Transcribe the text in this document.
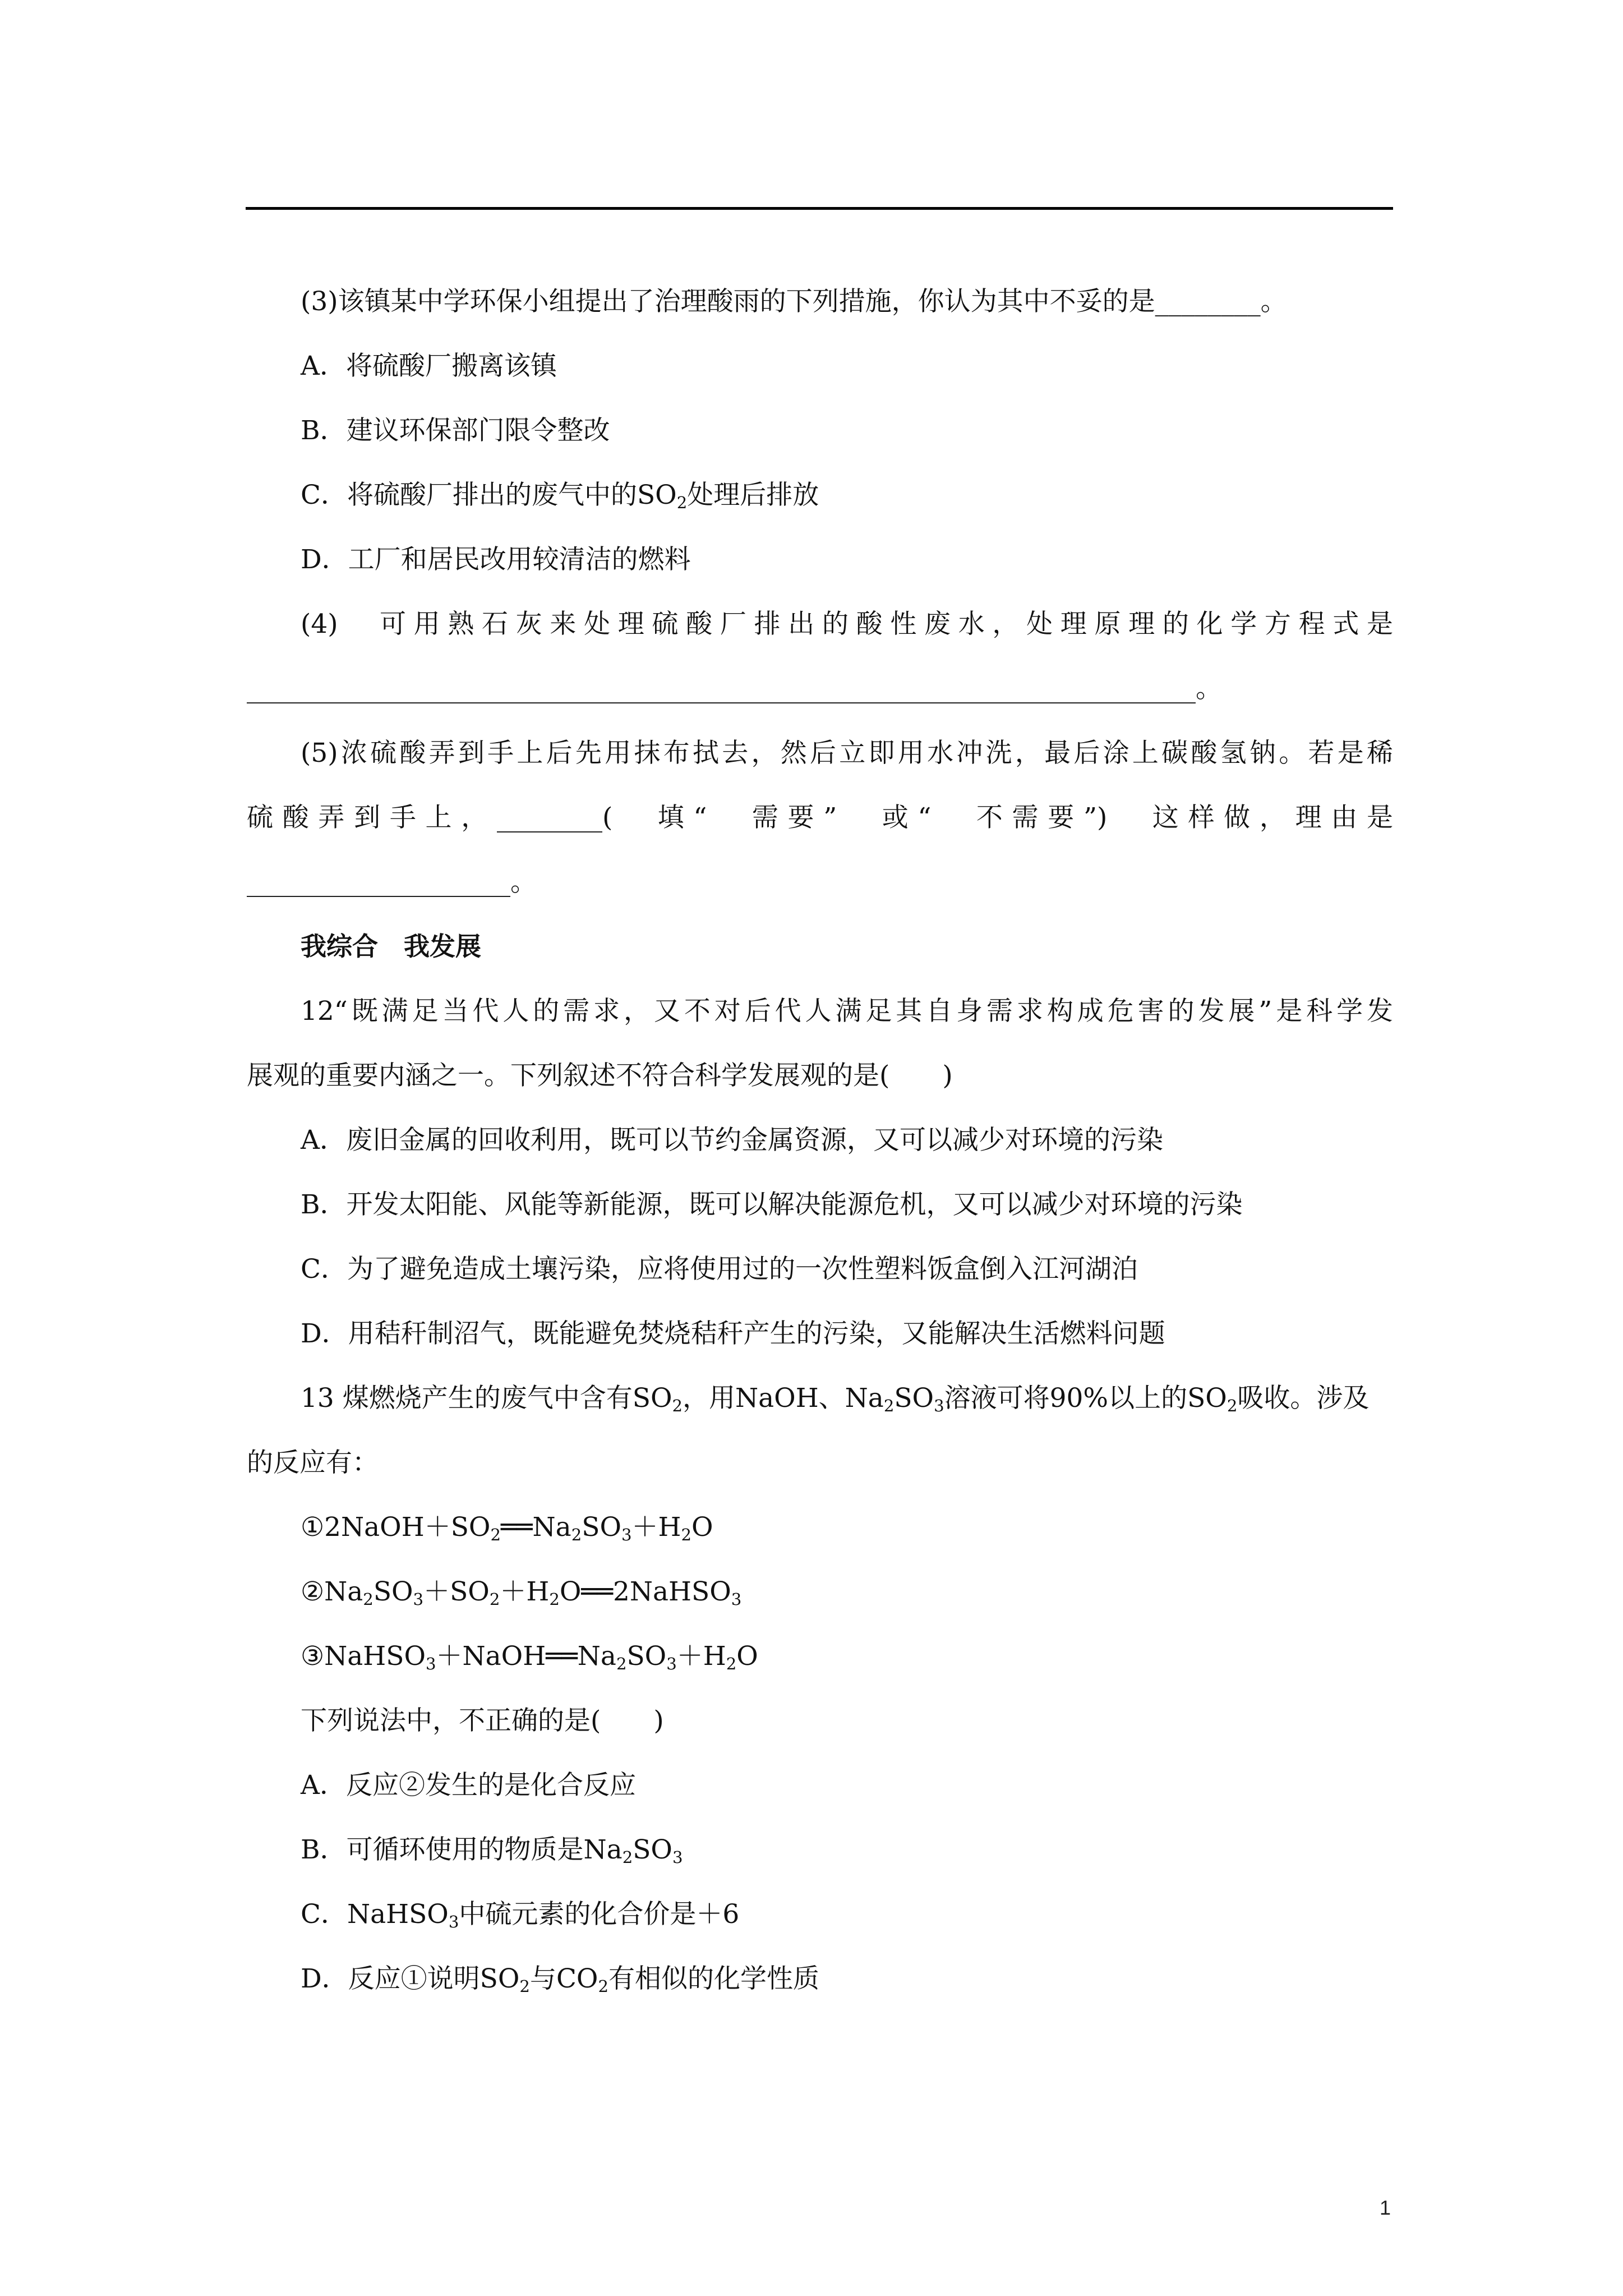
(3)该镇某中学环保小组提出了治理酸雨的下列措施，你认为其中不妥的是________。
A．将硫酸厂搬离该镇
B．建议环保部门限令整改
C．将硫酸厂排出的废气中的$SO_2$处理后排放
D．工厂和居民改用较清洁的燃料
(4)　可用熟石灰来处理硫酸厂排出的酸性废水，处理原理的化学方程式是
________________________________________________________________________。
(5)浓硫酸弄到手上后先用抹布拭去，然后立即用水冲洗，最后涂上碳酸氢钠。若是稀
硫酸弄到手上，________(　填“　需要”　或“　不需要”)　这样做，理由是
____________________。
我综合　我发展
12“既满足当代人的需求，又不对后代人满足其自身需求构成危害的发展”是科学发
展观的重要内涵之一。下列叙述不符合科学发展观的是(　　)
A．废旧金属的回收利用，既可以节约金属资源，又可以减少对环境的污染
B．开发太阳能、风能等新能源，既可以解决能源危机，又可以减少对环境的污染
C．为了避免造成土壤污染，应将使用过的一次性塑料饭盒倒入江河湖泊
D．用秸秆制沼气，既能避免焚烧秸秆产生的污染，又能解决生活燃料问题
13 煤燃烧产生的废气中含有$SO_2$，用NaOH、$Na_2SO_3$溶液可将90%以上的$SO_2$吸收。涉及
的反应有：
$①2NaOH+SO_2══Na_2SO_3+H_2O$
$②Na_2SO_3+SO_2+H_2O══2NaHSO_3$
$③NaHSO_3+NaOH══Na_2SO_3+H_2O$
下列说法中，不正确的是(　　)
A．反应②发生的是化合反应
B．可循环使用的物质是$Na_2SO_3$
C．NaHSO$_3$中硫元素的化合价是＋6
D．反应①说明$SO_2$与$CO_2$有相似的化学性质
1
